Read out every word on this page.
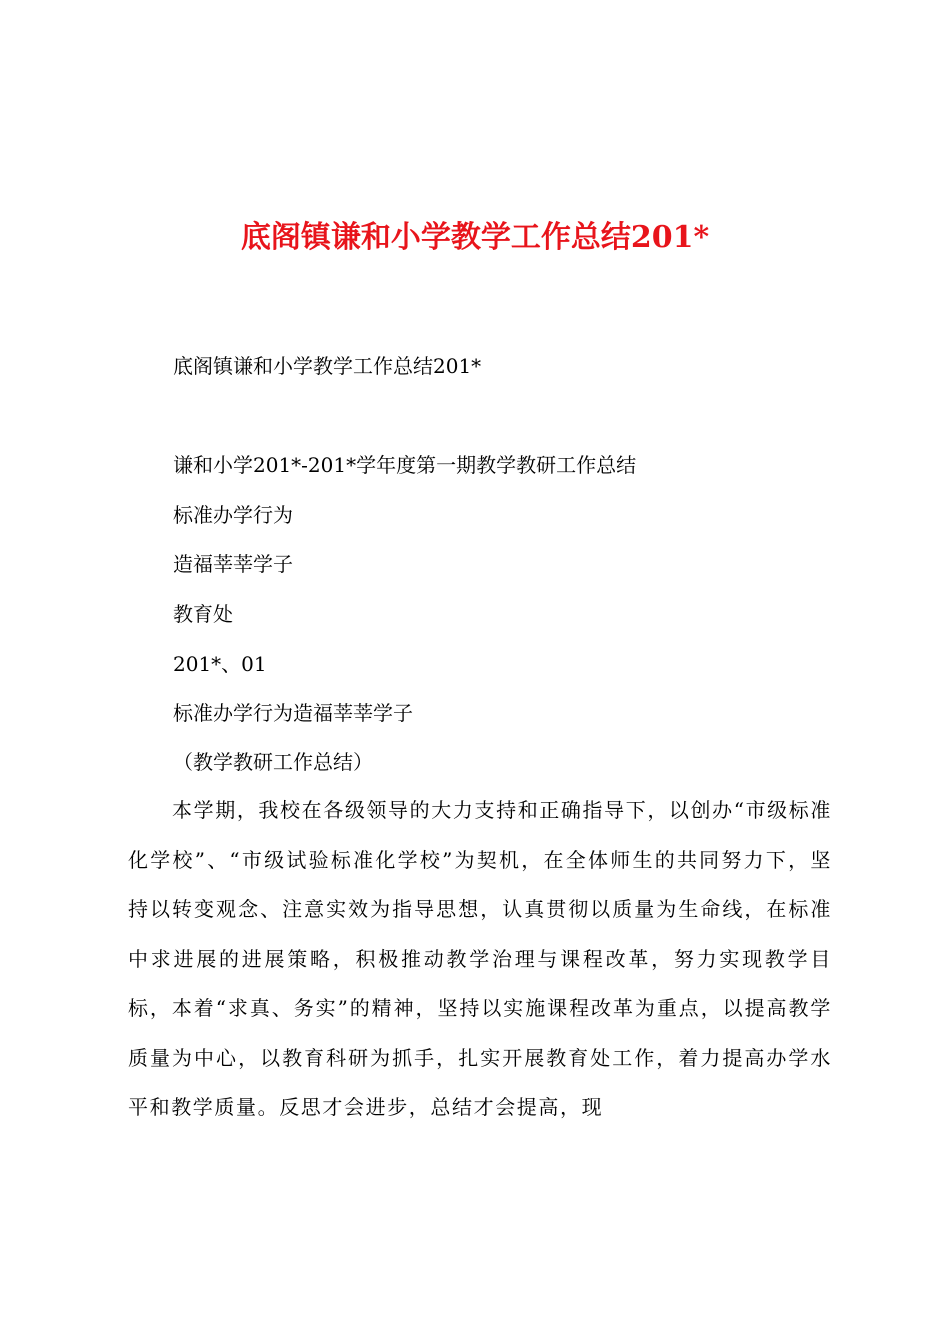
底阁镇谦和小学教学工作总结201*
底阁镇谦和小学教学工作总结201*
谦和小学201*-201*学年度第一期教学教研工作总结
标准办学行为
造福莘莘学子
教育处
201*、01
标准办学行为造福莘莘学子
（教学教研工作总结）
本学期，我校在各级领导的大力支持和正确指导下，以创办“市级标准化学校”、“市级试验标准化学校”为契机，在全体师生的共同努力下，坚持以转变观念、注意实效为指导思想，认真贯彻以质量为生命线，在标准中求进展的进展策略，积极推动教学治理与课程改革，努力实现教学目标，本着“求真、务实”的精神，坚持以实施课程改革为重点，以提高教学质量为中心，以教育科研为抓手，扎实开展教育处工作，着力提高办学水平和教学质量。反思才会进步，总结才会提高，现
